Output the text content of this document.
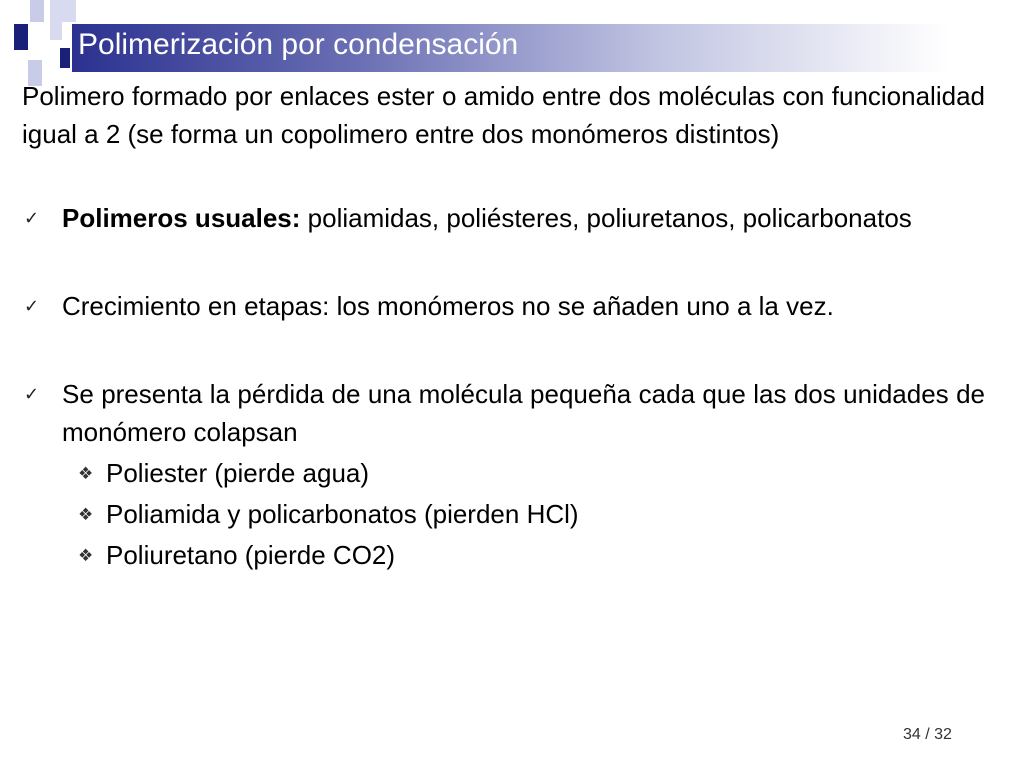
Polimerización por condensación

Polimero formado por enlaces ester o amido entre dos moléculas con funcionalidad igual a 2 (se forma un copolimero entre dos monómeros distintos)

✓ Polimeros usuales: poliamidas, poliésteres, poliuretanos, policarbonatos

✓ Crecimiento en etapas: los monómeros no se añaden uno a la vez.

✓ Se presenta la pérdida de una molécula pequeña cada que las dos unidades de monómero colapsan

❖ Poliester (pierde agua)

❖ Poliamida y policarbonatos (pierden HCl)

❖ Poliuretano (pierde CO2)

34 / 32
